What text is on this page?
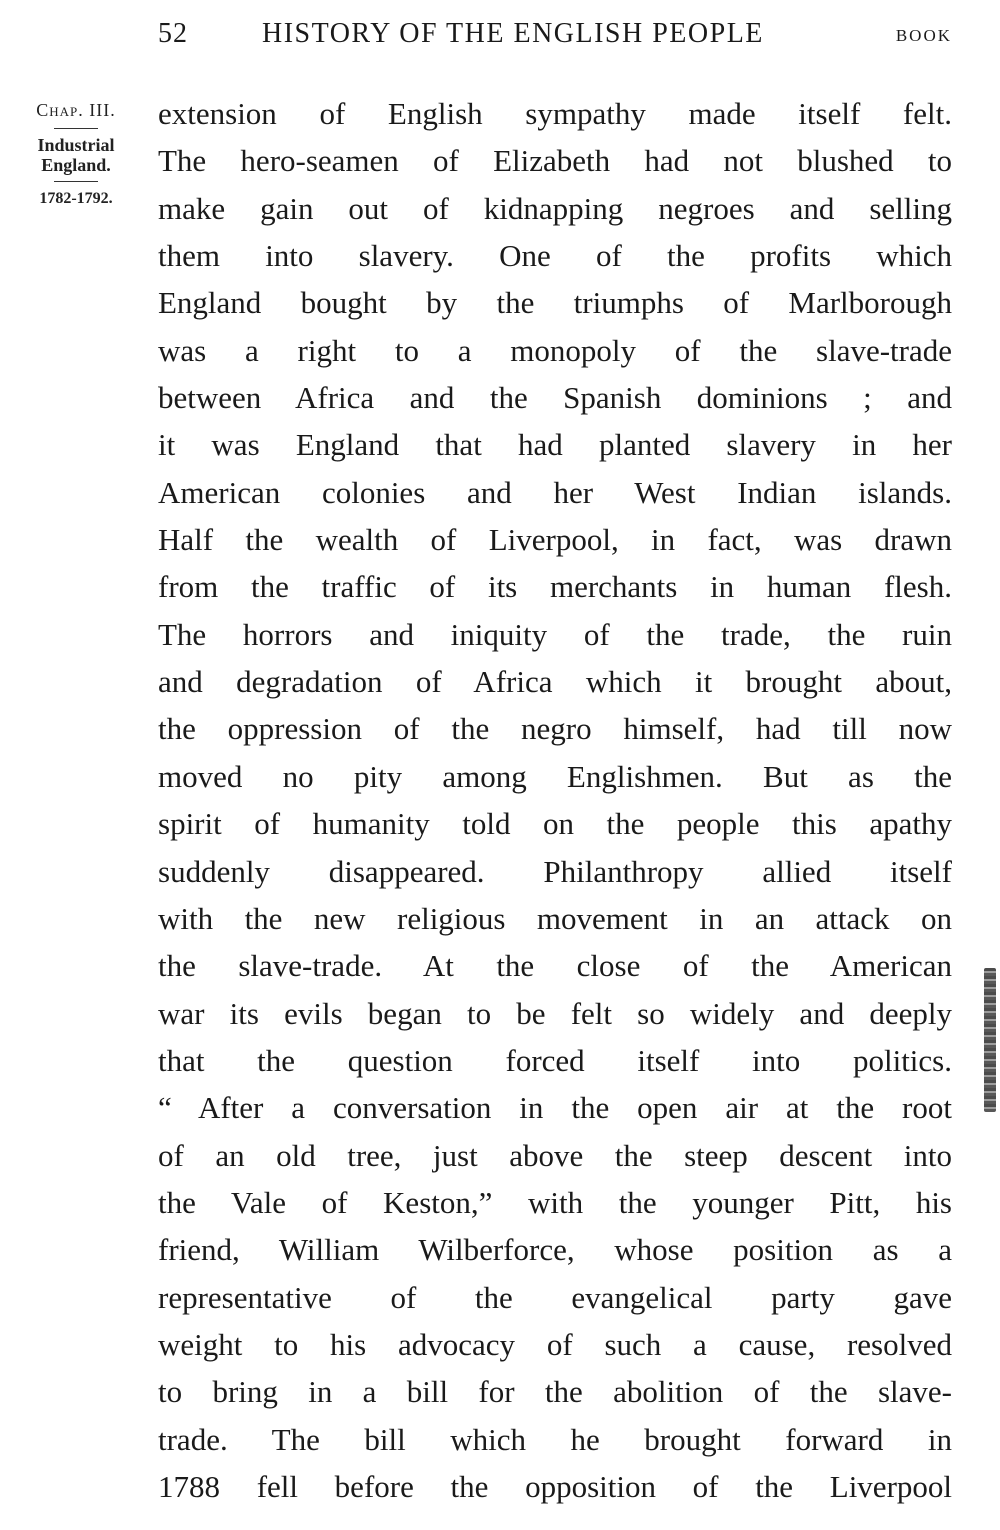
52	HISTORY OF THE ENGLISH PEOPLE	BOOK
Chap. III.
Industrial
England.
1782-1792.
extension of English sympathy made itself felt.
The hero-seamen of Elizabeth had not blushed to
make gain out of kidnapping negroes and selling
them into slavery. One of the profits which
England bought by the triumphs of Marlborough
was a right to a monopoly of the slave-trade
between Africa and the Spanish dominions ; and
it was England that had planted slavery in her
American colonies and her West Indian islands.
Half the wealth of Liverpool, in fact, was drawn
from the traffic of its merchants in human flesh.
The horrors and iniquity of the trade, the ruin
and degradation of Africa which it brought about,
the oppression of the negro himself, had till now
moved no pity among Englishmen. But as the
spirit of humanity told on the people this apathy
suddenly disappeared. Philanthropy allied itself
with the new religious movement in an attack on
the slave-trade. At the close of the American
war its evils began to be felt so widely and deeply
that the question forced itself into politics.
“ After a conversation in the open air at the root
of an old tree, just above the steep descent into
the Vale of Keston,” with the younger Pitt, his
friend, William Wilberforce, whose position as a
representative of the evangelical party gave
weight to his advocacy of such a cause, resolved
to bring in a bill for the abolition of the slave-
trade. The bill which he brought forward in
1788 fell before the opposition of the Liverpool
